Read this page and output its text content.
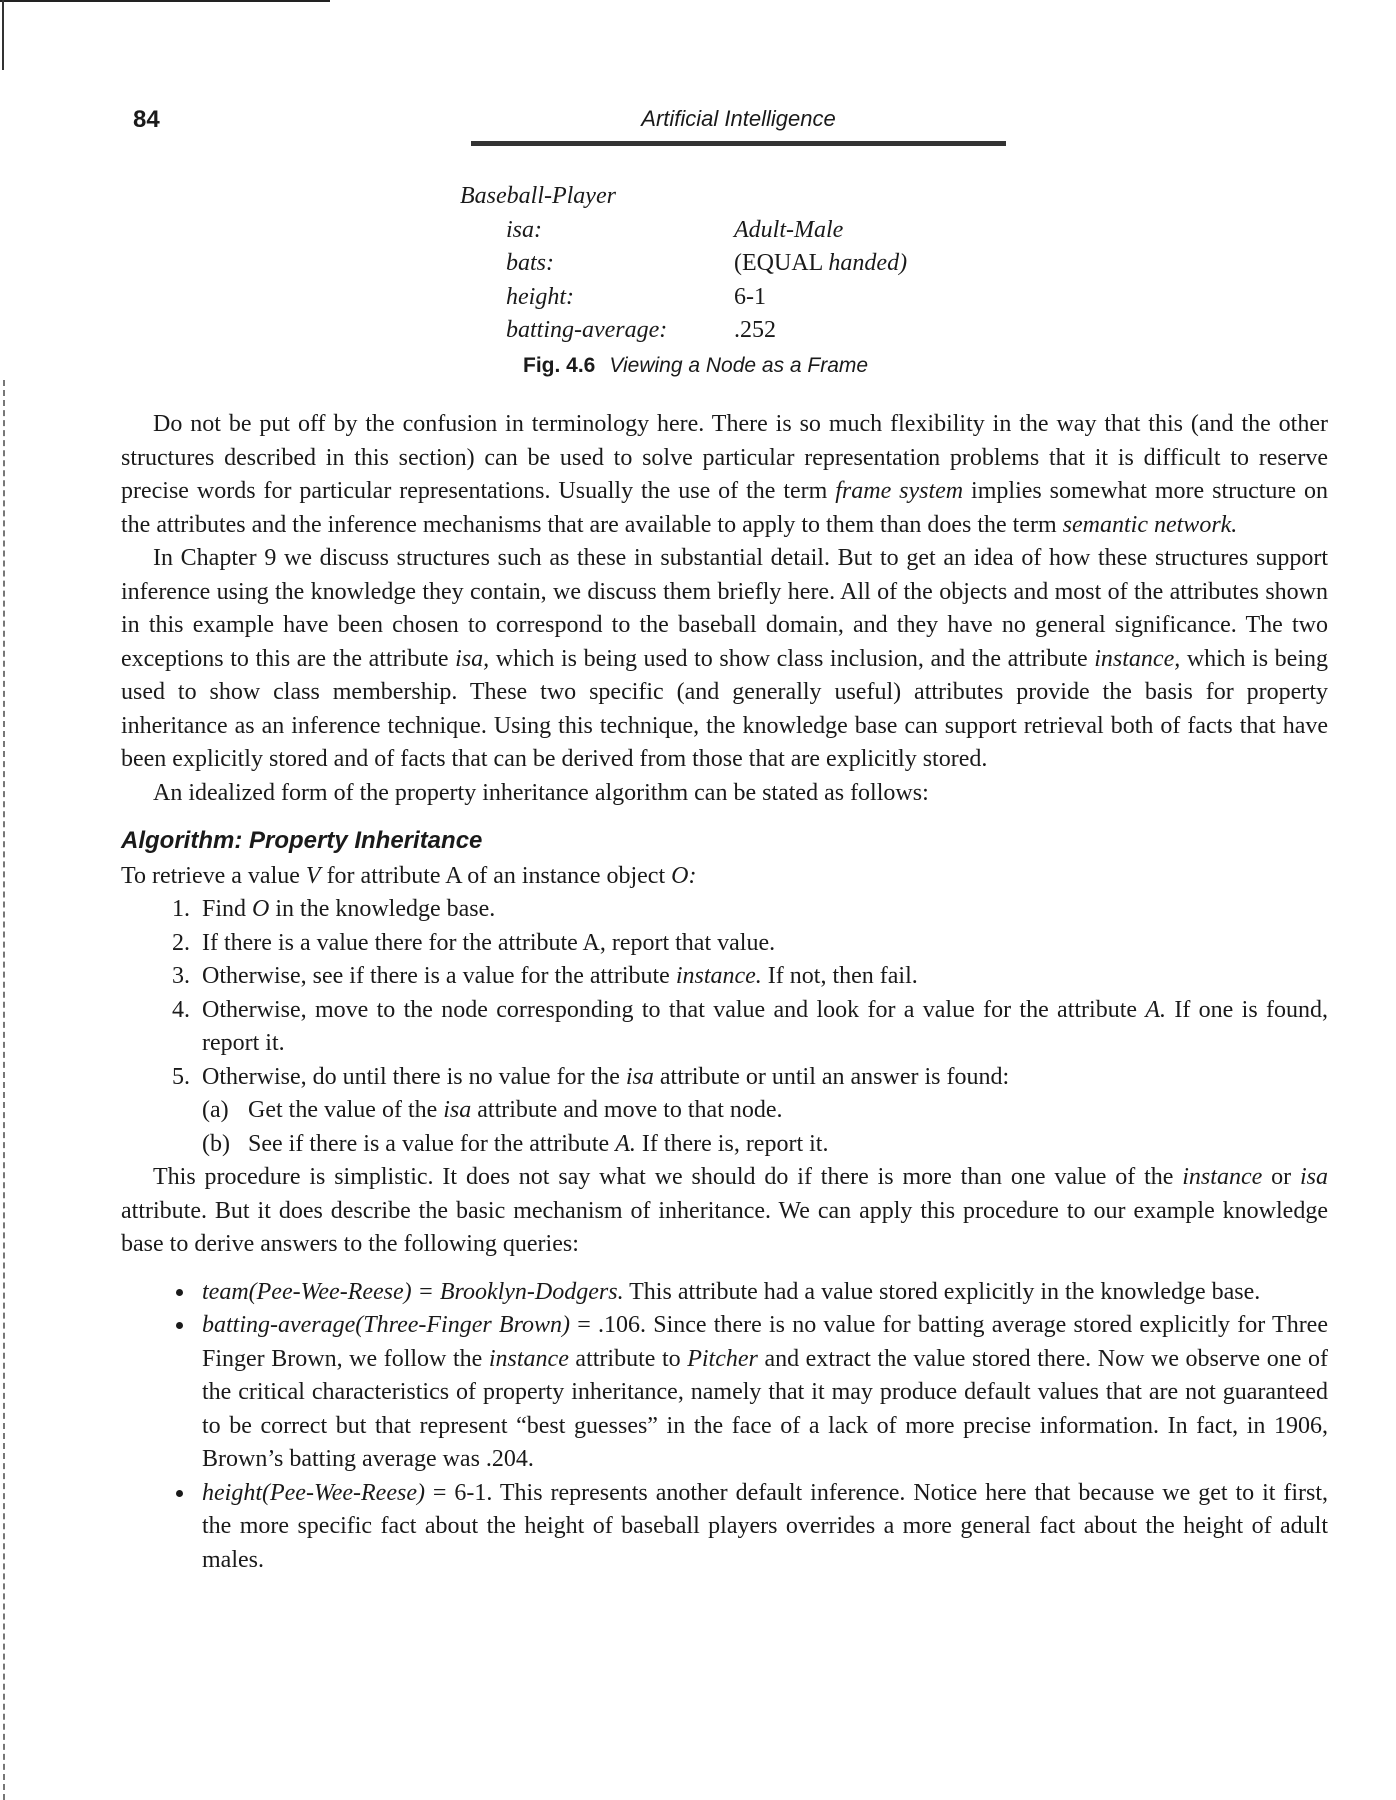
84	Artificial Intelligence
Baseball-Player
isa:	Adult-Male
bats:	(EQUAL handed)
height:	6-1
batting-average:	.252
Fig. 4.6 Viewing a Node as a Frame

Do not be put off by the confusion in terminology here. There is so much flexibility in the way that this (and the other structures described in this section) can be used to solve particular representation problems that it is difficult to reserve precise words for particular representations. Usually the use of the term frame system implies somewhat more structure on the attributes and the inference mechanisms that are available to apply to them than does the term semantic network.

In Chapter 9 we discuss structures such as these in substantial detail. But to get an idea of how these structures support inference using the knowledge they contain, we discuss them briefly here. All of the objects and most of the attributes shown in this example have been chosen to correspond to the baseball domain, and they have no general significance. The two exceptions to this are the attribute isa, which is being used to show class inclusion, and the attribute instance, which is being used to show class membership. These two specific (and generally useful) attributes provide the basis for property inheritance as an inference technique. Using this technique, the knowledge base can support retrieval both of facts that have been explicitly stored and of facts that can be derived from those that are explicitly stored.

An idealized form of the property inheritance algorithm can be stated as follows:

Algorithm: Property Inheritance
To retrieve a value V for attribute A of an instance object O:
1. Find O in the knowledge base.
2. If there is a value there for the attribute A, report that value.
3. Otherwise, see if there is a value for the attribute instance. If not, then fail.
4. Otherwise, move to the node corresponding to that value and look for a value for the attribute A. If one is found, report it.
5. Otherwise, do until there is no value for the isa attribute or until an answer is found:
(a) Get the value of the isa attribute and move to that node.
(b) See if there is a value for the attribute A. If there is, report it.

This procedure is simplistic. It does not say what we should do if there is more than one value of the instance or isa attribute. But it does describe the basic mechanism of inheritance. We can apply this procedure to our example knowledge base to derive answers to the following queries:

• team(Pee-Wee-Reese) = Brooklyn-Dodgers. This attribute had a value stored explicitly in the knowledge base.
• batting-average(Three-Finger Brown) = .106. Since there is no value for batting average stored explicitly for Three Finger Brown, we follow the instance attribute to Pitcher and extract the value stored there. Now we observe one of the critical characteristics of property inheritance, namely that it may produce default values that are not guaranteed to be correct but that represent “best guesses” in the face of a lack of more precise information. In fact, in 1906, Brown’s batting average was .204.
• height(Pee-Wee-Reese) = 6-1. This represents another default inference. Notice here that because we get to it first, the more specific fact about the height of baseball players overrides a more general fact about the height of adult males.
